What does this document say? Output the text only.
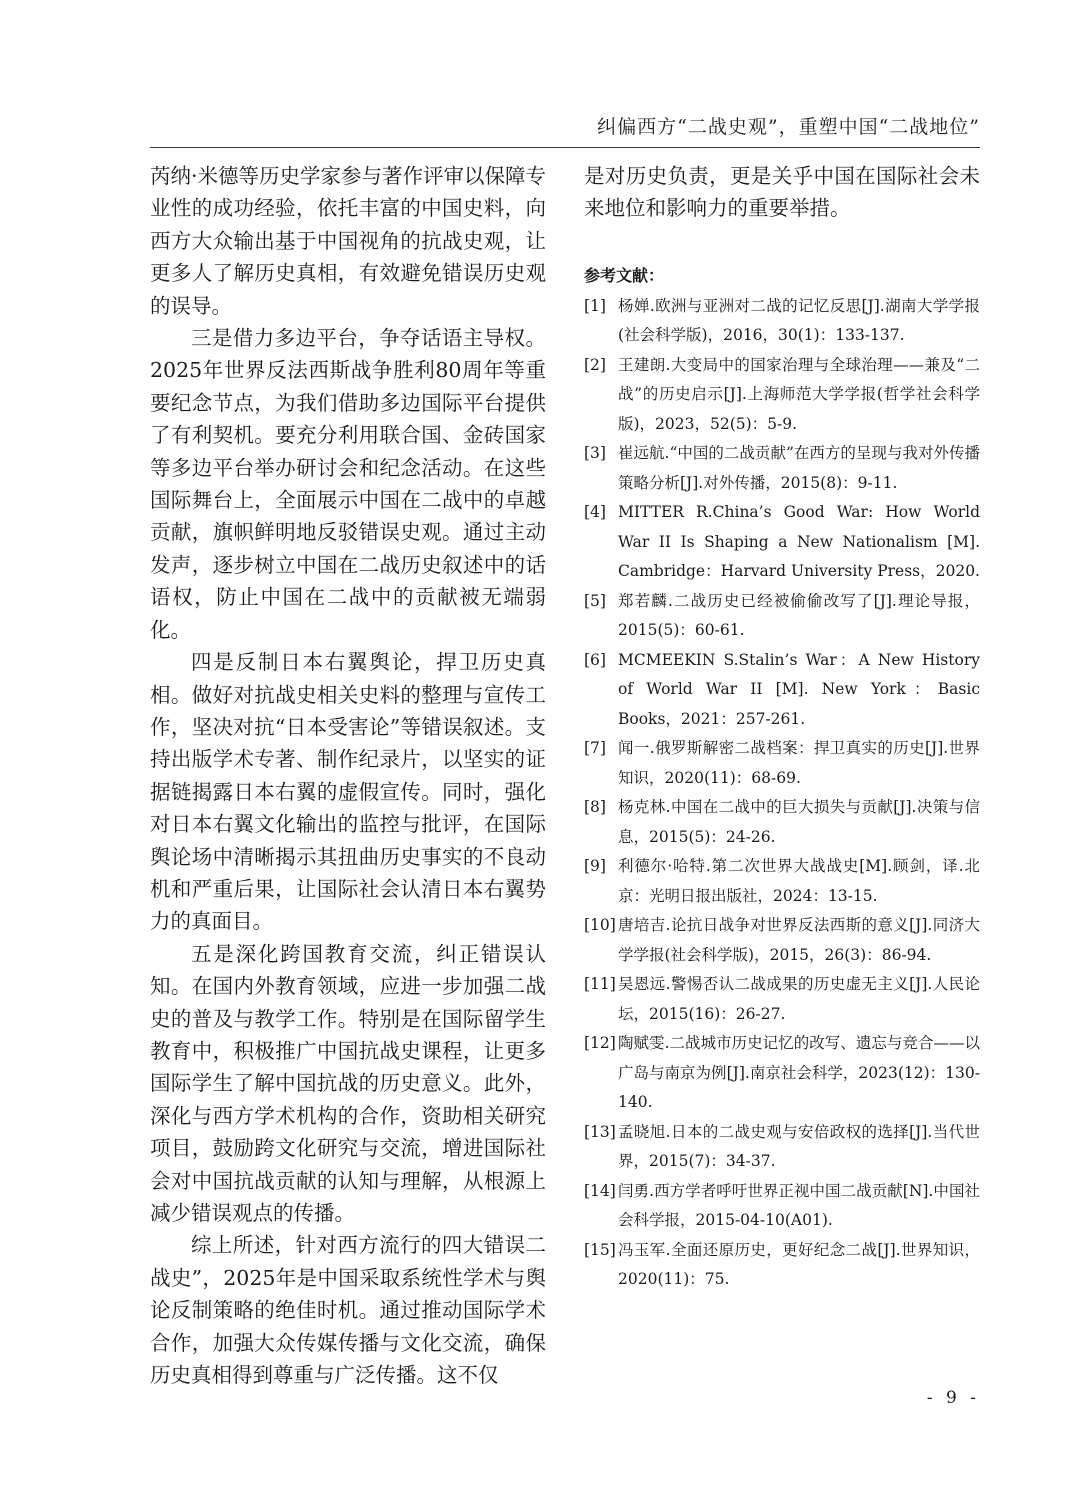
纠偏西方“二战史观”，重塑中国“二战地位”

芮纳·米德等历史学家参与著作评审以保障专业性的成功经验，依托丰富的中国史料，向西方大众输出基于中国视角的抗战史观，让更多人了解历史真相，有效避免错误历史观的误导。

三是借力多边平台，争夺话语主导权。2025年世界反法西斯战争胜利80周年等重要纪念节点，为我们借助多边国际平台提供了有利契机。要充分利用联合国、金砖国家等多边平台举办研讨会和纪念活动。在这些国际舞台上，全面展示中国在二战中的卓越贡献，旗帜鲜明地反驳错误史观。通过主动发声，逐步树立中国在二战历史叙述中的话语权，防止中国在二战中的贡献被无端弱化。

四是反制日本右翼舆论，捍卫历史真相。做好对抗战史相关史料的整理与宣传工作，坚决对抗“日本受害论”等错误叙述。支持出版学术专著、制作纪录片，以坚实的证据链揭露日本右翼的虚假宣传。同时，强化对日本右翼文化输出的监控与批评，在国际舆论场中清晰揭示其扭曲历史事实的不良动机和严重后果，让国际社会认清日本右翼势力的真面目。

五是深化跨国教育交流，纠正错误认知。在国内外教育领域，应进一步加强二战史的普及与教学工作。特别是在国际留学生教育中，积极推广中国抗战史课程，让更多国际学生了解中国抗战的历史意义。此外，深化与西方学术机构的合作，资助相关研究项目，鼓励跨文化研究与交流，增进国际社会对中国抗战贡献的认知与理解，从根源上减少错误观点的传播。

综上所述，针对西方流行的四大错误二战史”，2025年是中国采取系统性学术与舆论反制策略的绝佳时机。通过推动国际学术合作，加强大众传媒传播与文化交流，确保历史真相得到尊重与广泛传播。这不仅

是对历史负责，更是关乎中国在国际社会未来地位和影响力的重要举措。

参考文献：
[1] 杨婵.欧洲与亚洲对二战的记忆反思[J].湖南大学学报(社会科学版)，2016，30(1)：133-137.
[2] 王建朗.大变局中的国家治理与全球治理——兼及“二战”的历史启示[J].上海师范大学学报(哲学社会科学版)，2023，52(5)：5-9.
[3] 崔远航.“中国的二战贡献”在西方的呈现与我对外传播策略分析[J].对外传播，2015(8)：9-11.
[4] MITTER R.China’s Good War: How World War II Is Shaping a New Nationalism [M]. Cambridge：Harvard University Press，2020.
[5] 郑若麟.二战历史已经被偷偷改写了[J].理论导报，2015(5)：60-61.
[6] MCMEEKIN S.Stalin’s War：A New History of World War II [M]. New York：Basic Books，2021：257-261.
[7] 闻一.俄罗斯解密二战档案：捍卫真实的历史[J].世界知识，2020(11)：68-69.
[8] 杨克林.中国在二战中的巨大损失与贡献[J].决策与信息，2015(5)：24-26.
[9] 利德尔·哈特.第二次世界大战战史[M].顾剑，译.北京：光明日报出版社，2024：13-15.
[10] 唐培吉.论抗日战争对世界反法西斯的意义[J].同济大学学报(社会科学版)，2015，26(3)：86-94.
[11] 吴恩远.警惕否认二战成果的历史虚无主义[J].人民论坛，2015(16)：26-27.
[12] 陶赋雯.二战城市历史记忆的改写、遗忘与竞合——以广岛与南京为例[J].南京社会科学，2023(12)：130-140.
[13] 孟晓旭.日本的二战史观与安倍政权的选择[J].当代世界，2015(7)：34-37.
[14] 闫勇.西方学者呼吁世界正视中国二战贡献[N].中国社会科学报，2015-04-10(A01).
[15] 冯玉军.全面还原历史，更好纪念二战[J].世界知识，2020(11)：75.
- 9 -
